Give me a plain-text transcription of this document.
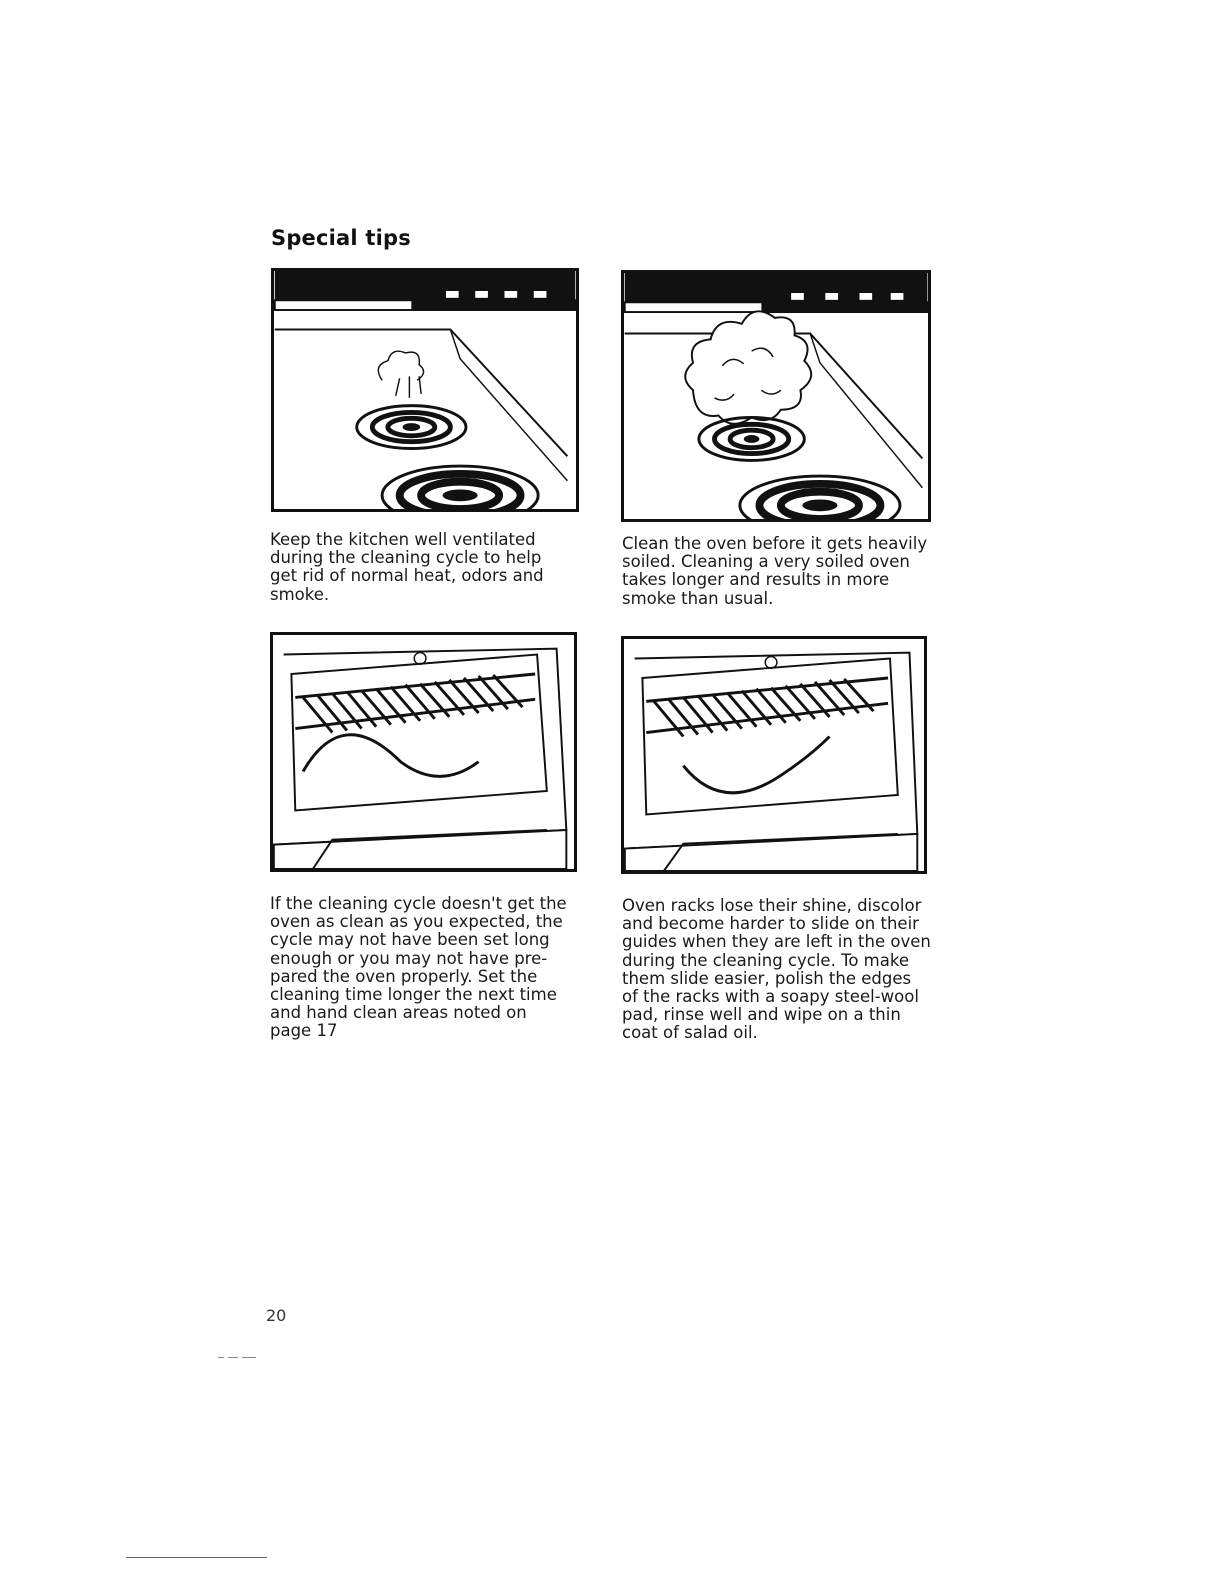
Special tips

Keep the kitchen well ventilated
during the cleaning cycle to help
get rid of normal heat, odors and
smoke.

Clean the oven before it gets heavily
soiled. Cleaning a very soiled oven
takes longer and results in more
smoke than usual.

If the cleaning cycle doesn't get the
oven as clean as you expected, the
cycle may not have been set long
enough or you may not have pre-
pared the oven properly. Set the
cleaning time longer the next time
and hand clean areas noted on
page 17

Oven racks lose their shine, discolor
and become harder to slide on their
guides when they are left in the oven
during the cleaning cycle. To make
them slide easier, polish the edges
of the racks with a soapy steel-wool
pad, rinse well and wipe on a thin
coat of salad oil.

20
